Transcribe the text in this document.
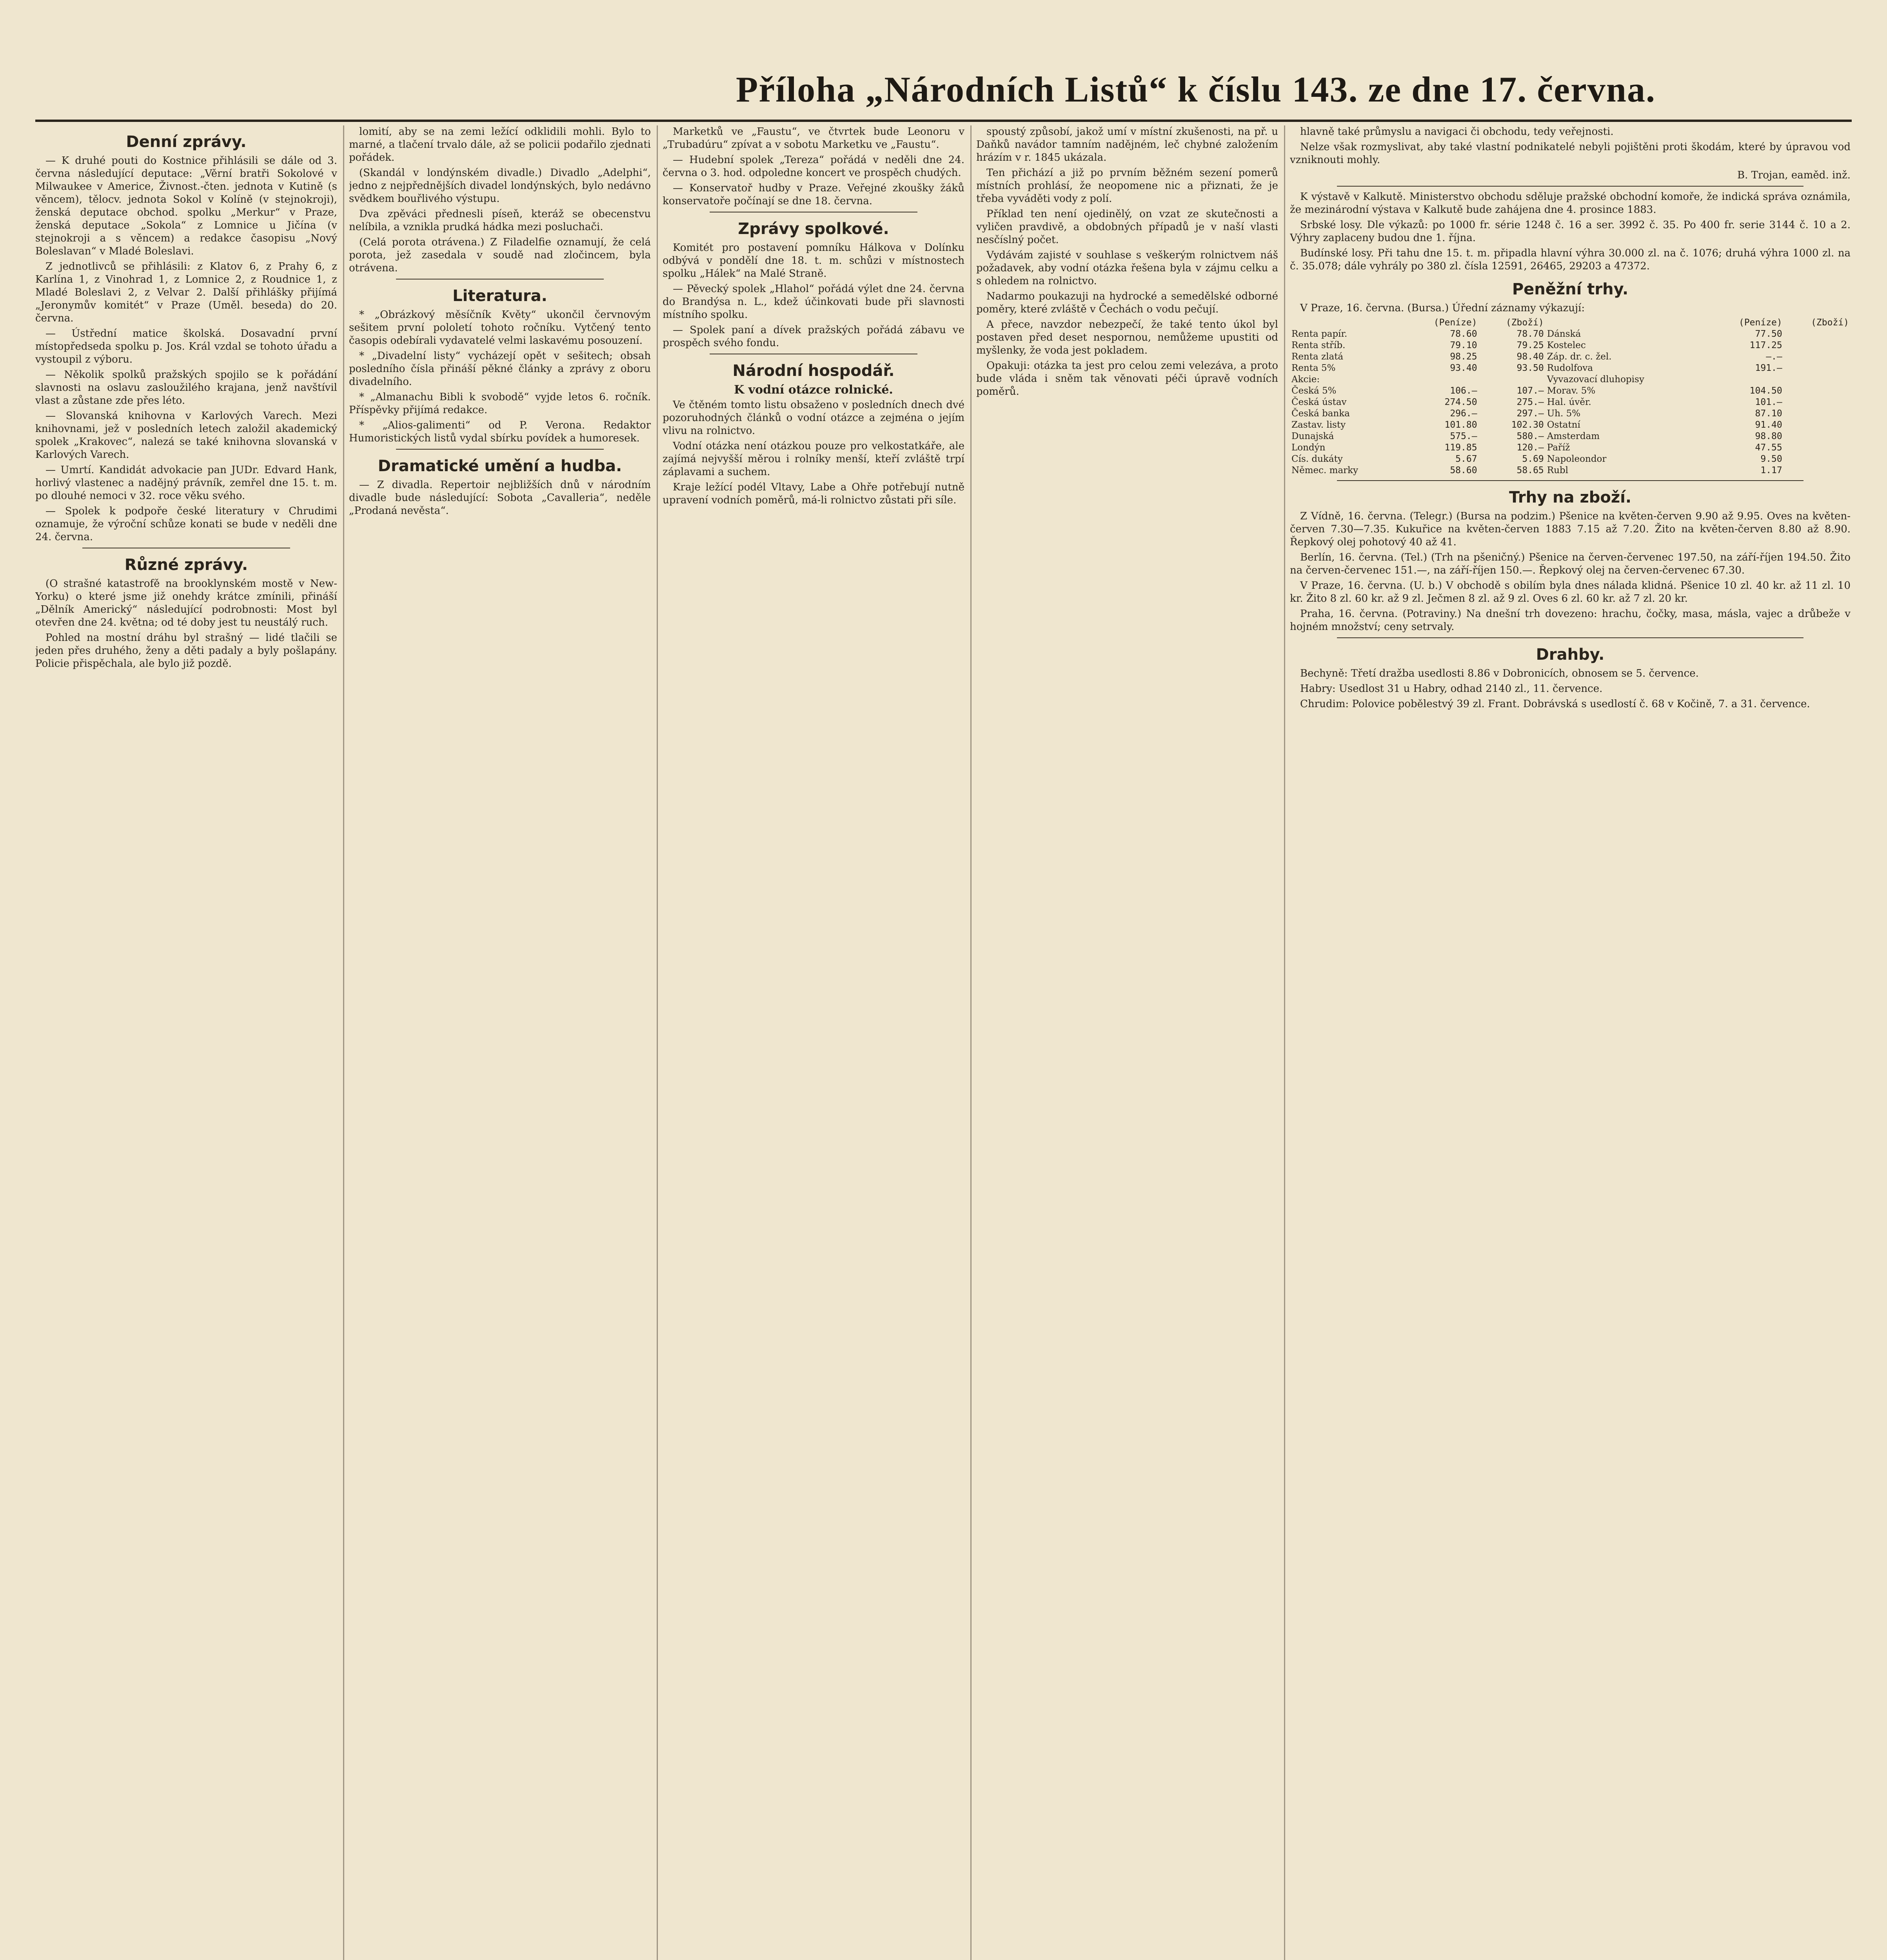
Příloha „Národních Listů“ k číslu 143. ze dne 17. června.
Denní zprávy.

— K druhé pouti do Kostnice přihlásili se dále od 3. června následující deputace: „Věrní bratři Sokolové v Milwaukee v Americe, Živnost.-čten. jednota v Kutině (s věncem), tělocv. jednota Sokol v Kolíně (v stejnokroji), ženská deputace obchod. spolku „Merkur“ v Praze, ženská deputace „Sokola“ z Lomnice u Jičína (v stejnokroji a s věncem) a redakce časopisu „Nový Boleslavan“ v Mladé Boleslavi.

Z jednotlivců se přihlásili: z Klatov 6, z Prahy 6, z Karlína 1, z Vinohrad 1, z Lomnice 2, z Roudnice 1, z Mladé Boleslavi 2, z Velvar 2. Další přihlášky přijímá „Jeronymův komitét“ v Praze (Uměl. beseda) do 20. června.

— Ústřední matice školská. Dosavadní první místopředseda spolku p. Jos. Král vzdal se tohoto úřadu a vystoupil z výboru.

— Několik spolků pražských spojilo se k pořádání slavnosti na oslavu zasloužilého krajana, jenž navštívil vlast a zůstane zde přes léto.

— Slovanská knihovna v Karlových Varech. Mezi knihovnami, jež v posledních letech založil akademický spolek „Krakovec“, nalezá se také knihovna slovanská v Karlových Varech.

— Umrtí. Kandidát advokacie pan JUDr. Edvard Hank, horlivý vlastenec a nadějný právník, zemřel dne 15. t. m. po dlouhé nemoci v 32. roce věku svého.

— Spolek k podpoře české literatury v Chrudimi oznamuje, že výroční schůze konati se bude v neděli dne 24. června.

Různé zprávy.

(O strašné katastrofě na brooklynském mostě v New-Yorku) o které jsme již onehdy krátce zmínili, přináší „Dělník Americký“ následující podrobnosti: Most byl otevřen dne 24. května; od té doby jest tu neustálý ruch.

Pohled na mostní dráhu byl strašný — lidé tlačili se jeden přes druhého, ženy a děti padaly a byly pošlapány. Policie přispěchala, ale bylo již pozdě.

lomití, aby se na zemi ležící odklidili mohli. Bylo to marné, a tlačení trvalo dále, až se policii podařilo zjednati pořádek.

(Skandál v londýnském divadle.) Divadlo „Adelphi“, jedno z nejpřednějších divadel londýnských, bylo nedávno svědkem bouřlivého výstupu.

Dva zpěváci přednesli píseň, kteráž se obecenstvu nelíbila, a vznikla prudká hádka mezi posluchači.

(Celá porota otrávena.) Z Filadelfie oznamují, že celá porota, jež zasedala v soudě nad zločincem, byla otrávena.

Literatura.

* „Obrázkový měsíčník Květy“ ukončil červnovým sešitem první pololetí tohoto ročníku. Vytčený tento časopis odebírali vydavatelé velmi laskavému posouzení.

* „Divadelní listy“ vycházejí opět v sešitech; obsah posledního čísla přináší pěkné články a zprávy z oboru divadelního.

* „Almanachu Bibli k svobodě“ vyjde letos 6. ročník. Příspěvky přijímá redakce.

* „Alios-galimenti“ od P. Verona. Redaktor Humoristických listů vydal sbírku povídek a humoresek.

Dramatické umění a hudba.

— Z divadla. Repertoir nejbližších dnů v národním divadle bude následující: Sobota „Cavalleria“, neděle „Prodaná nevěsta“.

Marketků ve „Faustu“, ve čtvrtek bude Leonoru v „Trubadúru“ zpívat a v sobotu Marketku ve „Faustu“.

— Hudební spolek „Tereza“ pořádá v neděli dne 24. června o 3. hod. odpoledne koncert ve prospěch chudých.

— Konservatoř hudby v Praze. Veřejné zkoušky žáků konservatoře počínají se dne 18. června.

Zprávy spolkové.

Komitét pro postavení pomníku Hálkova v Dolínku odbývá v pondělí dne 18. t. m. schůzi v místnostech spolku „Hálek“ na Malé Straně.

— Pěvecký spolek „Hlahol“ pořádá výlet dne 24. června do Brandýsa n. L., kdež účinkovati bude při slavnosti místního spolku.

— Spolek paní a dívek pražských pořádá zábavu ve prospěch svého fondu.

Národní hospodář.
K vodní otázce rolnické.

Ve čtěném tomto listu obsaženo v posledních dnech dvé pozoruhodných článků o vodní otázce a zejména o jejím vlivu na rolnictvo.

Vodní otázka není otázkou pouze pro velkostatkáře, ale zajímá nejvyšší měrou i rolníky menší, kteří zvláště trpí záplavami a suchem.

Kraje ležící podél Vltavy, Labe a Ohře potřebují nutně upravení vodních poměrů, má-li rolnictvo zůstati při síle.

spoustý způsobí, jakož umí v místní zkušenosti, na př. u Daňků navádor tamním nadějném, leč chybné založením hrázím v r. 1845 ukázala.

Ten přichází a již po prvním běžném sezení pomerů místních prohlásí, že neopomene nic a přiznati, že je třeba vyváděti vody z polí.

Příklad ten není ojedinělý, on vzat ze skutečnosti a vyličen pravdivě, a obdobných případů je v naší vlasti nesčíslný počet.

Vydávám zajisté v souhlase s veškerým rolnictvem náš požadavek, aby vodní otázka řešena byla v zájmu celku a s ohledem na rolnictvo.

Nadarmo poukazuji na hydrocké a semedělské odborné poměry, které zvláště v Čechách o vodu pečují.

A přece, navzdor nebezpečí, že také tento úkol byl postaven před deset nespornou, nemůžeme upustiti od myšlenky, že voda jest pokladem.

Opakuji: otázka ta jest pro celou zemi velezáva, a proto bude vláda i sněm tak věnovati péči úpravě vodních poměrů.

hlavně také průmyslu a navigaci či obchodu, tedy veřejnosti.

Nelze však rozmyslivat, aby také vlastní podnikatelé nebyli pojištěni proti škodám, které by úpravou vod vzniknouti mohly.

B. Trojan, eaměd. inž.

K výstavě v Kalkutě. Ministerstvo obchodu sděluje pražské obchodní komoře, že indická správa oznámila, že mezinárodní výstava v Kalkutě bude zahájena dne 4. prosince 1883.

Srbské losy. Dle výkazů: po 1000 fr. série 1248 č. 16 a ser. 3992 č. 35. Po 400 fr. serie 3144 č. 10 a 2. Výhry zaplaceny budou dne 1. října.

Budínské losy. Při tahu dne 15. t. m. připadla hlavní výhra 30.000 zl. na č. 1076; druhá výhra 1000 zl. na č. 35.078; dále vyhrály po 380 zl. čísla 12591, 26465, 29203 a 47372.

Peněžní trhy.

V Praze, 16. června. (Bursa.) Úřední záznamy výkazují:

	(Peníze)	(Zboží)		(Peníze)	(Zboží)
Renta papír.	78.60	78.70	Dánská	77.50	
Renta stříb.	79.10	79.25	Kostelec	117.25	
Renta zlatá	98.25	98.40	Záp. dr. c. žel.	—.—	
Renta 5%	93.40	93.50	Rudolfova	191.—	
Akcie:			Vyvazovací dluhopisy		
Česká 5%	106.—	107.—	Morav. 5%	104.50	
Česká ústav	274.50	275.—	Hal. úvěr.	101.—	
Česká banka	296.—	297.—	Uh. 5%	87.10	
Zastav. listy	101.80	102.30	Ostatní	91.40	
Dunajská	575.—	580.—	Amsterdam	98.80	
Londýn	119.85	120.—	Paříž	47.55	
Cís. dukáty	5.67	5.69	Napoleondor	9.50	
Němec. marky	58.60	58.65	Rubl	1.17	
Trhy na zboží.

Z Vídně, 16. června. (Telegr.) (Bursa na podzim.) Pšenice na květen-červen 9.90 až 9.95. Oves na květen-červen 7.30—7.35. Kukuřice na květen-červen 1883 7.15 až 7.20. Žito na květen-červen 8.80 až 8.90. Řepkový olej pohotový 40 až 41.

Berlín, 16. června. (Tel.) (Trh na pšeničný.) Pšenice na červen-červenec 197.50, na září-říjen 194.50. Žito na červen-červenec 151.—, na září-říjen 150.—. Řepkový olej na červen-červenec 67.30.

V Praze, 16. června. (U. b.) V obchodě s obilím byla dnes nálada klidná. Pšenice 10 zl. 40 kr. až 11 zl. 10 kr. Žito 8 zl. 60 kr. až 9 zl. Ječmen 8 zl. až 9 zl. Oves 6 zl. 60 kr. až 7 zl. 20 kr.

Praha, 16. června. (Potraviny.) Na dnešní trh dovezeno: hrachu, čočky, masa, másla, vajec a drůbeže v hojném množství; ceny setrvaly.

Drahby.

Bechyně: Třetí dražba usedlosti 8.86 v Dobronicích, obnosem se 5. července.

Habry: Usedlost 31 u Habry, odhad 2140 zl., 11. července.

Chrudim: Polovice pobělestvý 39 zl. Frant. Dobrávská s usedlostí č. 68 v Kočině, 7. a 31. července.
